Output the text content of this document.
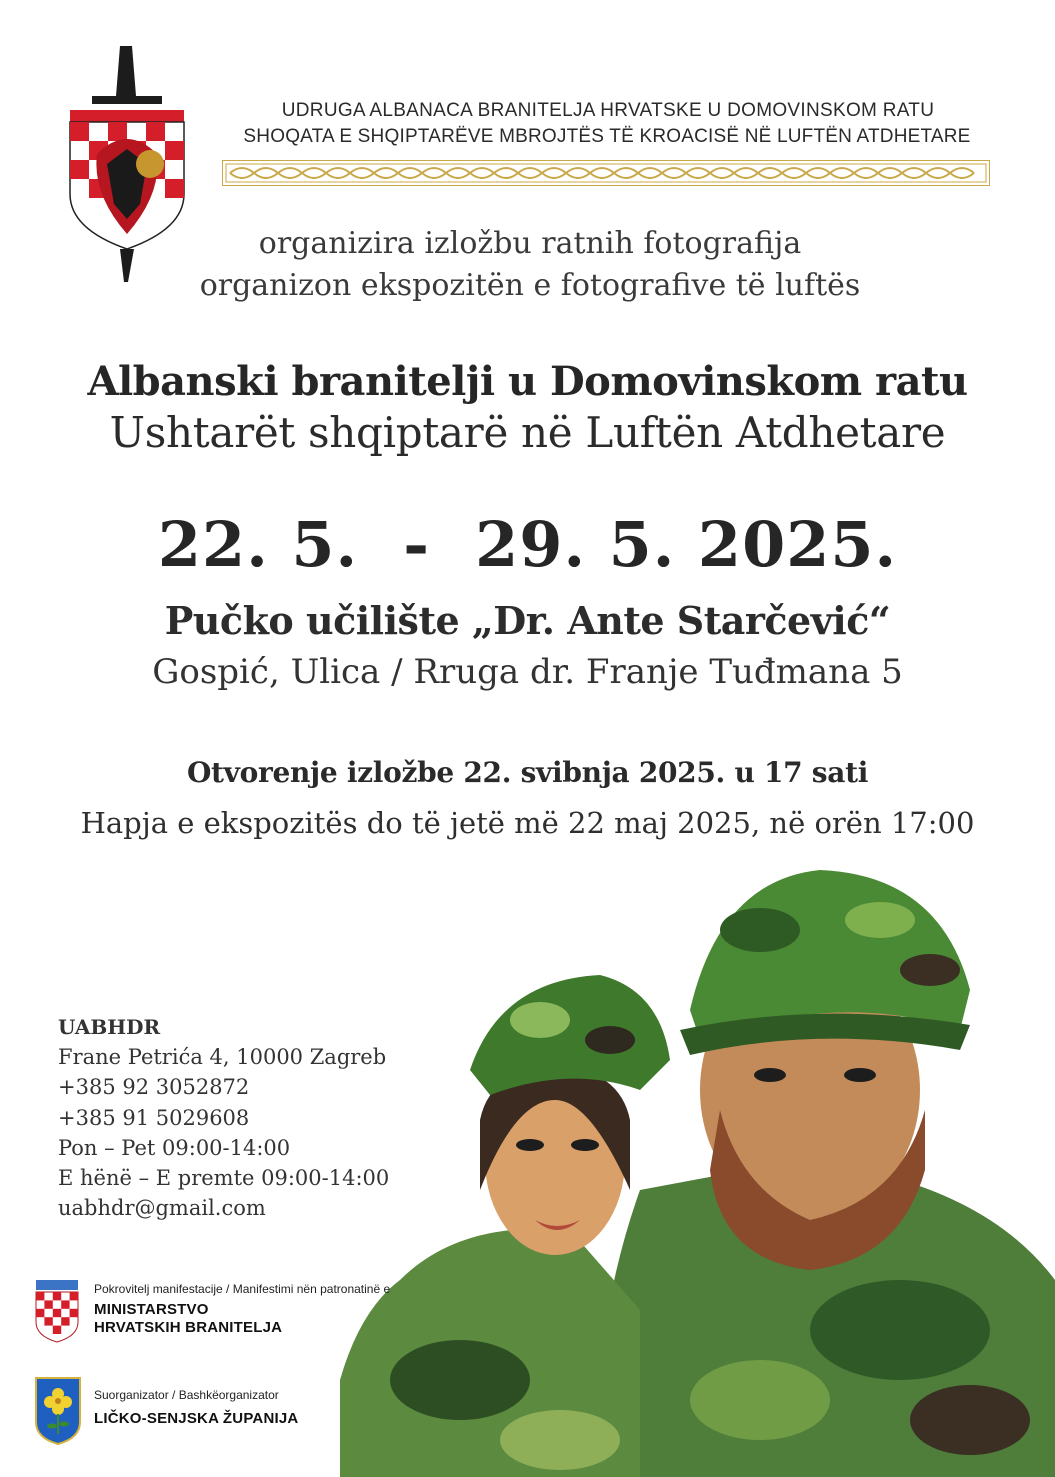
UDRUGA ALBANACA BRANITELJA HRVATSKE U DOMOVINSKOM RATU
SHOQATA E SHQIPTARËVE MBROJTËS TË KROACISË NË LUFTËN ATDHETARE
organizira izložbu ratnih fotografija
organizon ekspozitën e fotografive të luftës
Albanski branitelji u Domovinskom ratu
Ushtarët shqiptarë në Luftën Atdhetare
22. 5.  -  29. 5. 2025.
Pučko učilište „Dr. Ante Starčević“
Gospić, Ulica / Rruga dr. Franje Tuđmana 5
Otvorenje izložbe 22. svibnja 2025. u 17 sati
Hapja e ekspozitës do të jetë më 22 maj 2025, në orën 17:00
UABHDR
Frane Petrića 4, 10000 Zagreb
+385 92 3052872
+385 91 5029608
Pon – Pet 09:00-14:00
E hënë – E premte 09:00-14:00
uabhdr@gmail.com
Pokrovitelj manifestacije / Manifestimi nën patronatinë e
MINISTARSTVO
HRVATSKIH BRANITELJA
Suorganizator / Bashkëorganizator
LIČKO-SENJSKA ŽUPANIJA
